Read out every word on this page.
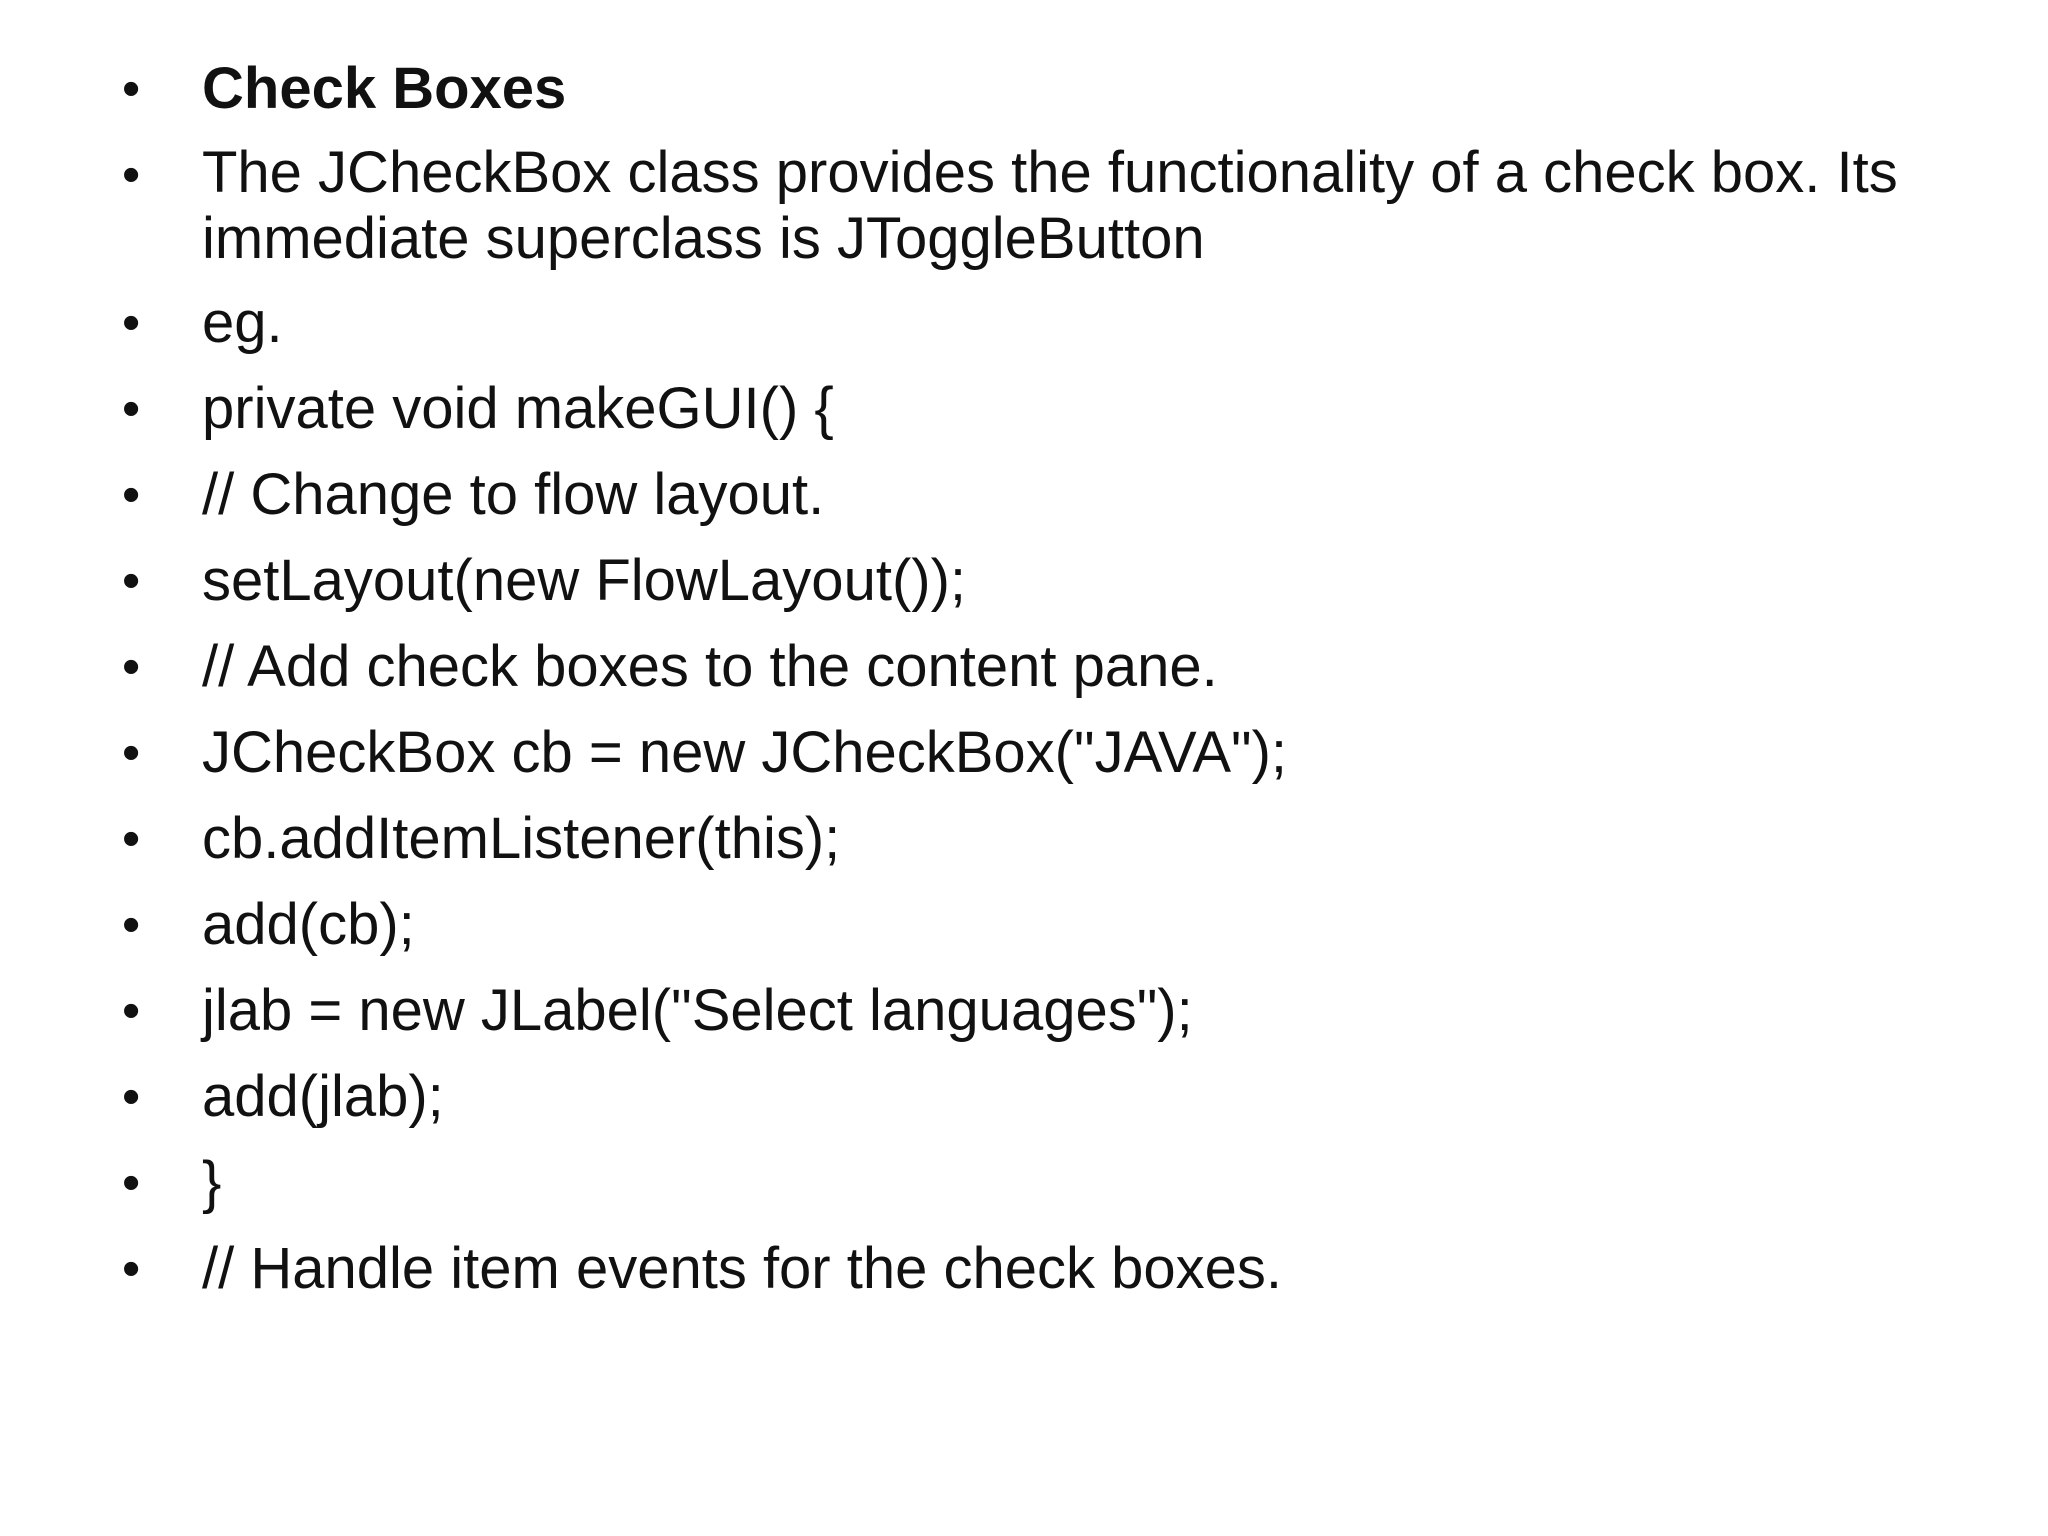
•	Check Boxes
•	The JCheckBox class provides the functionality of a check box. Its immediate superclass is JToggleButton
•	eg.
•	private void makeGUI() {
•	// Change to flow layout.
•	setLayout(new FlowLayout());
•	// Add check boxes to the content pane.
•	JCheckBox cb = new JCheckBox("JAVA");
•	cb.addItemListener(this);
•	add(cb);
•	jlab = new JLabel("Select languages");
•	add(jlab);
•	}
•	// Handle item events for the check boxes.
